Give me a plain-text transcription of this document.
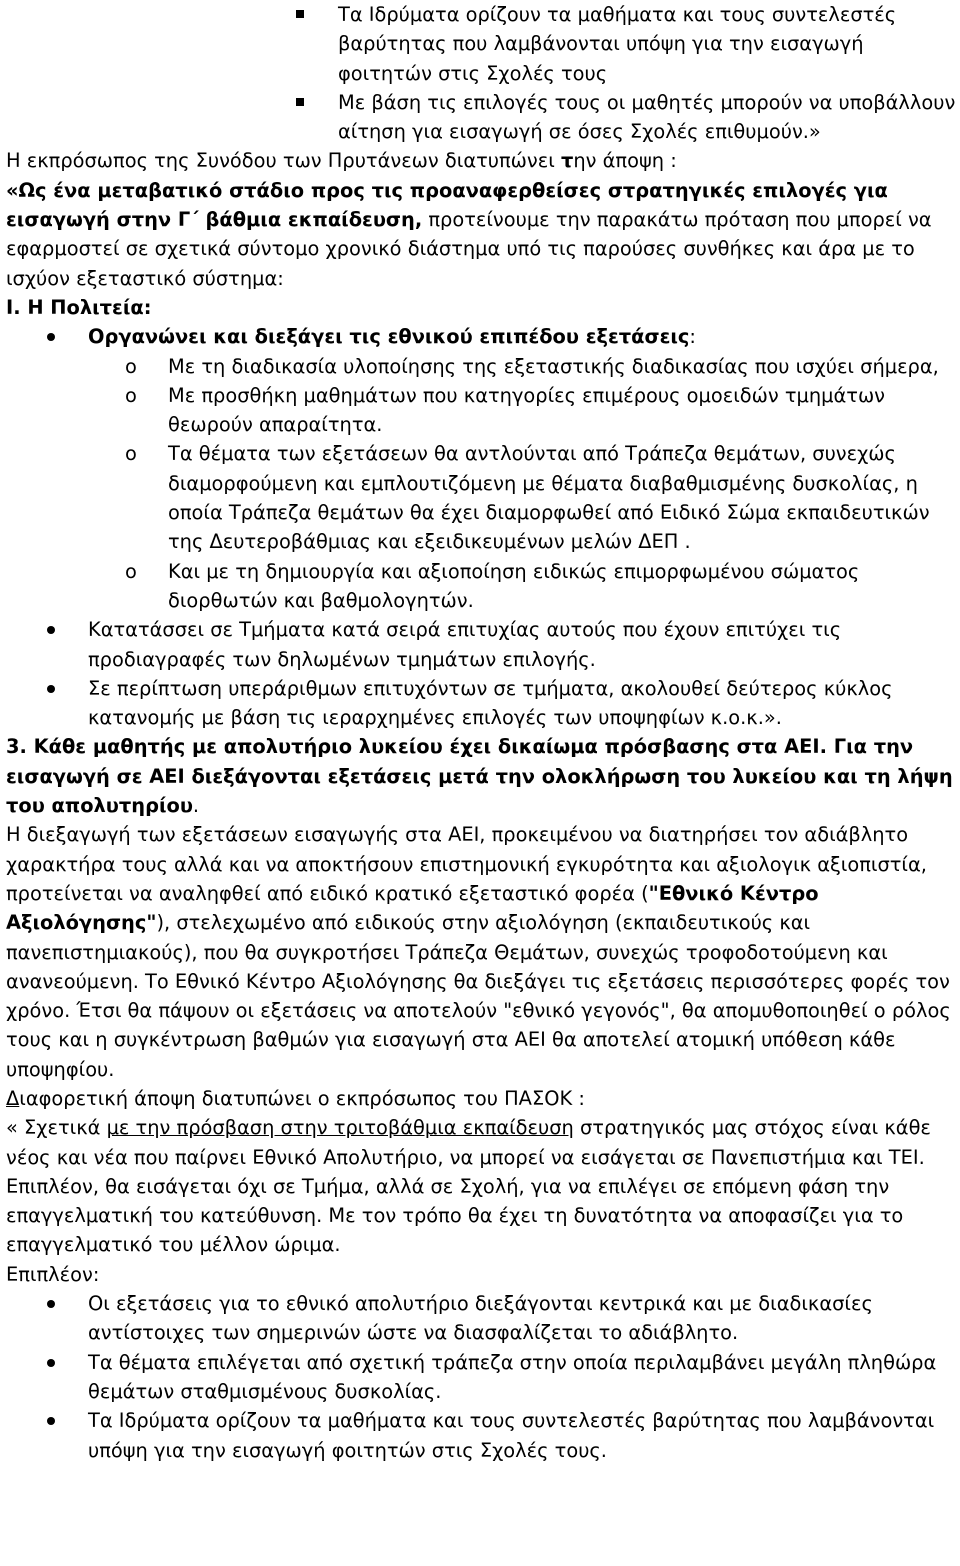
Τα Ιδρύματα ορίζουν τα μαθήματα και τους συντελεστές βαρύτητας που λαμβάνονται υπόψη για την εισαγωγή φοιτητών στις Σχολές τους
Με βάση τις επιλογές τους οι μαθητές μπορούν να υποβάλλουν αίτηση για εισαγωγή σε όσες Σχολές επιθυμούν.»

Η εκπρόσωπος της Συνόδου των Πρυτάνεων διατυπώνει την άποψη :
«Ως ένα μεταβατικό στάδιο προς τις προαναφερθείσες στρατηγικές επιλογές για εισαγωγή στην Γ΄ βάθμια εκπαίδευση, προτείνουμε την παρακάτω πρόταση που μπορεί να εφαρμοστεί σε σχετικά σύντομο χρονικό διάστημα υπό τις παρούσες συνθήκες και άρα με το ισχύον εξεταστικό σύστημα:

Ι. Η Πολιτεία:

Οργανώνει και διεξάγει τις εθνικού επιπέδου εξετάσεις:
o Με τη διαδικασία υλοποίησης της εξεταστικής διαδικασίας που ισχύει σήμερα,
o Με προσθήκη μαθημάτων που κατηγορίες επιμέρους ομοειδών τμημάτων θεωρούν απαραίτητα.
o Τα θέματα των εξετάσεων θα αντλούνται από Τράπεζα θεμάτων, συνεχώς διαμορφούμενη και εμπλουτιζόμενη με θέματα διαβαθμισμένης δυσκολίας, η οποία Τράπεζα θεμάτων θα έχει διαμορφωθεί από Ειδικό Σώμα εκπαιδευτικών της Δευτεροβάθμιας και εξειδικευμένων μελών ΔΕΠ .
o Και με τη δημιουργία και αξιοποίηση ειδικώς επιμορφωμένου σώματος διορθωτών και βαθμολογητών.
Κατατάσσει σε Τμήματα κατά σειρά επιτυχίας αυτούς που έχουν επιτύχει τις προδιαγραφές των δηλωμένων τμημάτων επιλογής.
Σε περίπτωση υπεράριθμων επιτυχόντων σε τμήματα, ακολουθεί δεύτερος κύκλος κατανομής με βάση τις ιεραρχημένες επιλογές των υποψηφίων κ.ο.κ.».

3. Κάθε μαθητής με απολυτήριο λυκείου έχει δικαίωμα πρόσβασης στα ΑΕΙ. Για την εισαγωγή σε ΑΕΙ διεξάγονται εξετάσεις μετά την ολοκλήρωση του λυκείου και τη λήψη του απολυτηρίου.

Η διεξαγωγή των εξετάσεων εισαγωγής στα ΑΕΙ, προκειμένου να διατηρήσει τον αδιάβλητο χαρακτήρα τους αλλά και να αποκτήσουν επιστημονική εγκυρότητα και αξιολογικ αξιοπιστία, προτείνεται να αναληφθεί από ειδικό κρατικό εξεταστικό φορέα ("Εθνικό Κέντρο Αξιολόγησης"), στελεχωμένο από ειδικούς στην αξιολόγηση (εκπαιδευτικούς και πανεπιστημιακούς), που θα συγκροτήσει Τράπεζα Θεμάτων, συνεχώς τροφοδοτούμενη και ανανεούμενη. Το Εθνικό Κέντρο Αξιολόγησης θα διεξάγει τις εξετάσεις περισσότερες φορές τον χρόνο. Έτσι θα πάψουν οι εξετάσεις να αποτελούν "εθνικό γεγονός", θα απομυθοποιηθεί ο ρόλος τους και η συγκέντρωση βαθμών για εισαγωγή στα ΑΕΙ θα αποτελεί ατομική υπόθεση κάθε υποψηφίου.

Διαφορετική άποψη διατυπώνει ο εκπρόσωπος του ΠΑΣΟΚ :

« Σχετικά με την πρόσβαση στην τριτοβάθμια εκπαίδευση στρατηγικός μας στόχος είναι κάθε νέος και νέα που παίρνει Εθνικό Απολυτήριο, να μπορεί να εισάγεται σε Πανεπιστήμια και ΤΕΙ. Επιπλέον, θα εισάγεται όχι σε Τμήμα, αλλά σε Σχολή, για να επιλέγει σε επόμενη φάση την επαγγελματική του κατεύθυνση. Με τον τρόπο θα έχει τη δυνατότητα να αποφασίζει για το επαγγελματικό του μέλλον ώριμα.

Επιπλέον:

Οι εξετάσεις για το εθνικό απολυτήριο διεξάγονται κεντρικά και με διαδικασίες αντίστοιχες των σημερινών ώστε να διασφαλίζεται το αδιάβλητο.
Τα θέματα επιλέγεται από σχετική τράπεζα στην οποία περιλαμβάνει μεγάλη πληθώρα θεμάτων σταθμισμένους δυσκολίας.
Τα Ιδρύματα ορίζουν τα μαθήματα και τους συντελεστές βαρύτητας που λαμβάνονται υπόψη για την εισαγωγή φοιτητών στις Σχολές τους.
